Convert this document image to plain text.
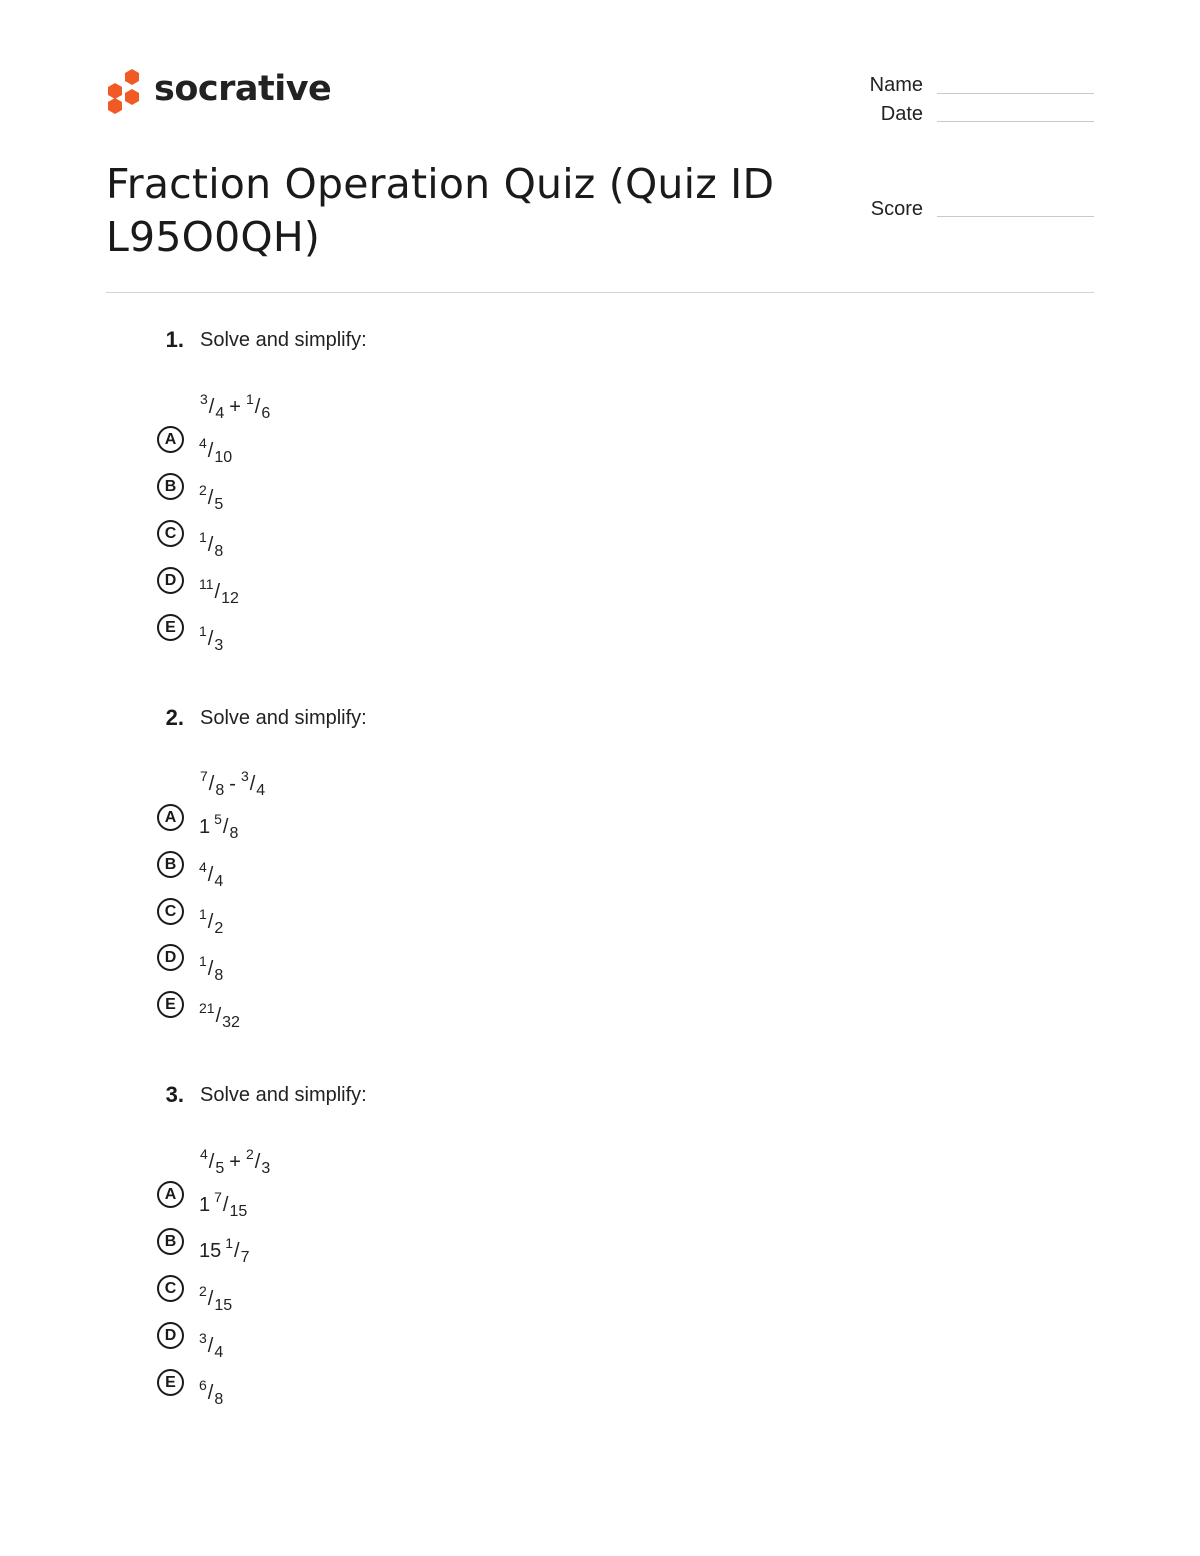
socrative
Fraction Operation Quiz (Quiz ID L95O0QH)
Name
Date
Score
1. Solve and simplify:
$^3/_4 + ^1/_6$
A	$^4/_{10}$
B	$^2/_5$
C	$^1/_8$
D	$^{11}/_{12}$
E	$^1/_3$
2. Solve and simplify:
$^7/_8 - ^3/_4$
A	1 $^5/_8$
B	$^4/_4$
C	$^1/_2$
D	$^1/_8$
E	$^{21}/_{32}$
3. Solve and simplify:
$^4/_5 + ^2/_3$
A	1 $^7/_{15}$
B	15 $^1/_7$
C	$^2/_{15}$
D	$^3/_4$
E	$^6/_8$
